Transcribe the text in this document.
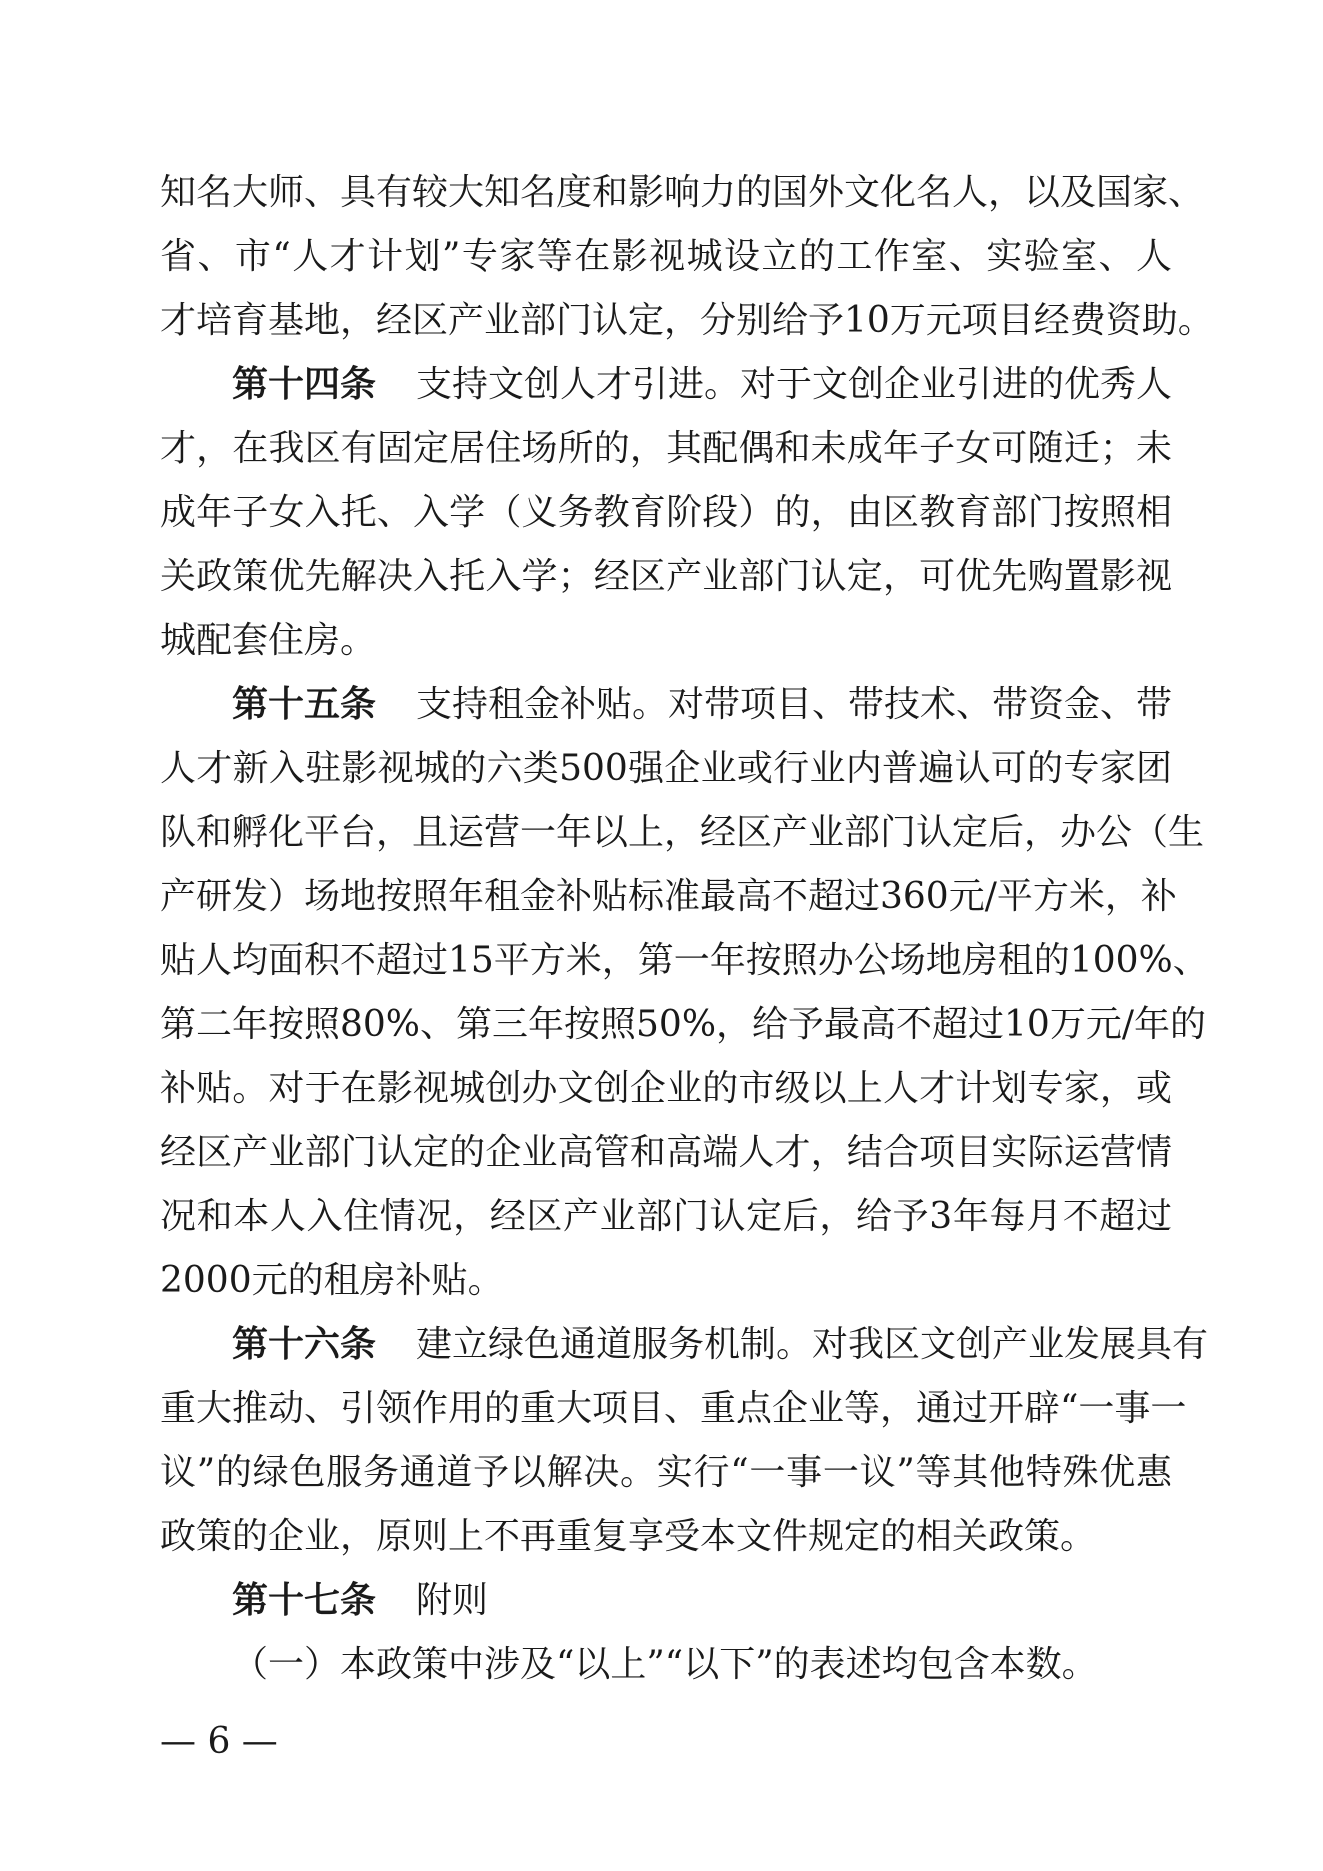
知名大师、具有较大知名度和影响力的国外文化名人，以及国家、
省、市“人才计划”专家等在影视城设立的工作室、实验室、人
才培育基地，经区产业部门认定，分别给予10万元项目经费资助。
第十四条 支持文创人才引进。对于文创企业引进的优秀人
才，在我区有固定居住场所的，其配偶和未成年子女可随迁；未
成年子女入托、入学（义务教育阶段）的，由区教育部门按照相
关政策优先解决入托入学；经区产业部门认定，可优先购置影视
城配套住房。
第十五条 支持租金补贴。对带项目、带技术、带资金、带
人才新入驻影视城的六类500强企业或行业内普遍认可的专家团
队和孵化平台，且运营一年以上，经区产业部门认定后，办公（生
产研发）场地按照年租金补贴标准最高不超过360元/平方米，补
贴人均面积不超过15平方米，第一年按照办公场地房租的100%、
第二年按照80%、第三年按照50%，给予最高不超过10万元/年的
补贴。对于在影视城创办文创企业的市级以上人才计划专家，或
经区产业部门认定的企业高管和高端人才，结合项目实际运营情
况和本人入住情况，经区产业部门认定后，给予3年每月不超过
2000元的租房补贴。
第十六条 建立绿色通道服务机制。对我区文创产业发展具有
重大推动、引领作用的重大项目、重点企业等，通过开辟“一事一
议”的绿色服务通道予以解决。实行“一事一议”等其他特殊优惠
政策的企业，原则上不再重复享受本文件规定的相关政策。
第十七条 附则
（一）本政策中涉及“以上”“以下”的表述均包含本数。
— 6 —
